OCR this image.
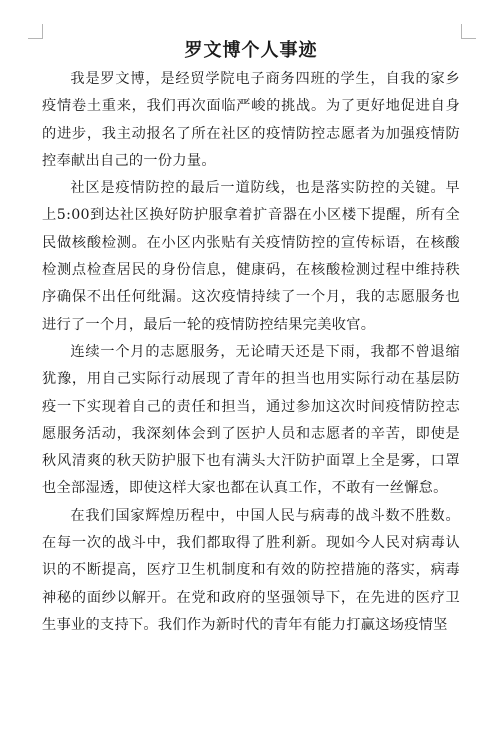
罗文博个人事迹

我是罗文博，是经贸学院电子商务四班的学生，自我的家乡疫情卷土重来，我们再次面临严峻的挑战。为了更好地促进自身的进步，我主动报名了所在社区的疫情防控志愿者为加强疫情防控奉献出自己的一份力量。

社区是疫情防控的最后一道防线，也是落实防控的关键。早上5:00到达社区换好防护服拿着扩音器在小区楼下提醒，所有全民做核酸检测。在小区内张贴有关疫情防控的宣传标语，在核酸检测点检查居民的身份信息，健康码，在核酸检测过程中维持秩序确保不出任何纰漏。这次疫情持续了一个月，我的志愿服务也进行了一个月，最后一轮的疫情防控结果完美收官。

连续一个月的志愿服务，无论晴天还是下雨，我都不曾退缩犹豫，用自己实际行动展现了青年的担当也用实际行动在基层防疫一下实现着自己的责任和担当，通过参加这次时间疫情防控志愿服务活动，我深刻体会到了医护人员和志愿者的辛苦，即使是秋风清爽的秋天防护服下也有满头大汗防护面罩上全是雾，口罩也全部湿透，即使这样大家也都在认真工作，不敢有一丝懈怠。

在我们国家辉煌历程中，中国人民与病毒的战斗数不胜数。在每一次的战斗中，我们都取得了胜利新。现如今人民对病毒认识的不断提高，医疗卫生机制度和有效的防控措施的落实，病毒神秘的面纱以解开。在党和政府的坚强领导下，在先进的医疗卫生事业的支持下。我们作为新时代的青年有能力打赢这场疫情坚
